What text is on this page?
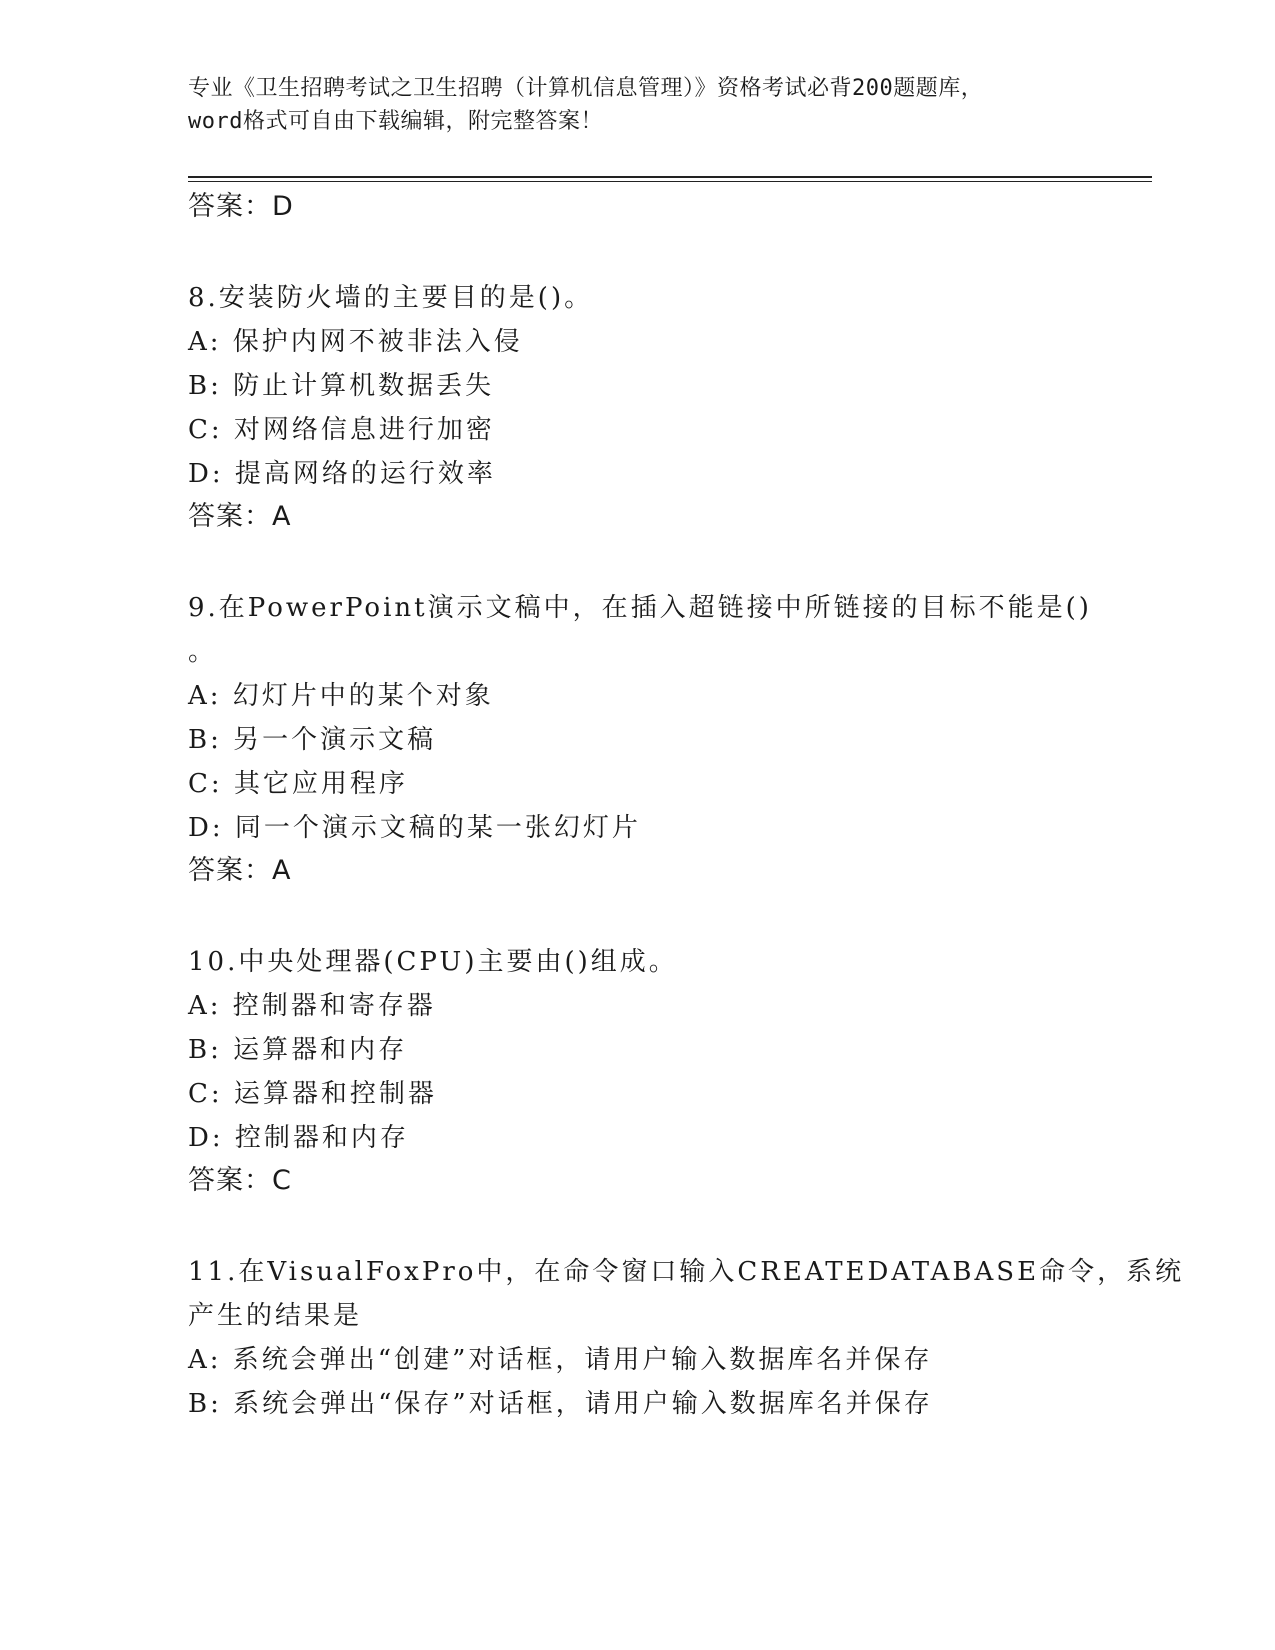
专业《卫生招聘考试之卫生招聘（计算机信息管理）》资格考试必背200题题库，
word格式可自由下载编辑，附完整答案！
答案：D
8.安装防火墙的主要目的是()。
A: 保护内网不被非法入侵
B: 防止计算机数据丢失
C: 对网络信息进行加密
D: 提高网络的运行效率
答案：A
9.在PowerPoint演示文稿中，在插入超链接中所链接的目标不能是()
。
A: 幻灯片中的某个对象
B: 另一个演示文稿
C: 其它应用程序
D: 同一个演示文稿的某一张幻灯片
答案：A
10.中央处理器(CPU)主要由()组成。
A: 控制器和寄存器
B: 运算器和内存
C: 运算器和控制器
D: 控制器和内存
答案：C
11.在VisualFoxPro中，在命令窗口输入CREATEDATABASE命令，系统
产生的结果是
A: 系统会弹出“创建”对话框，请用户输入数据库名并保存
B: 系统会弹出“保存”对话框，请用户输入数据库名并保存
